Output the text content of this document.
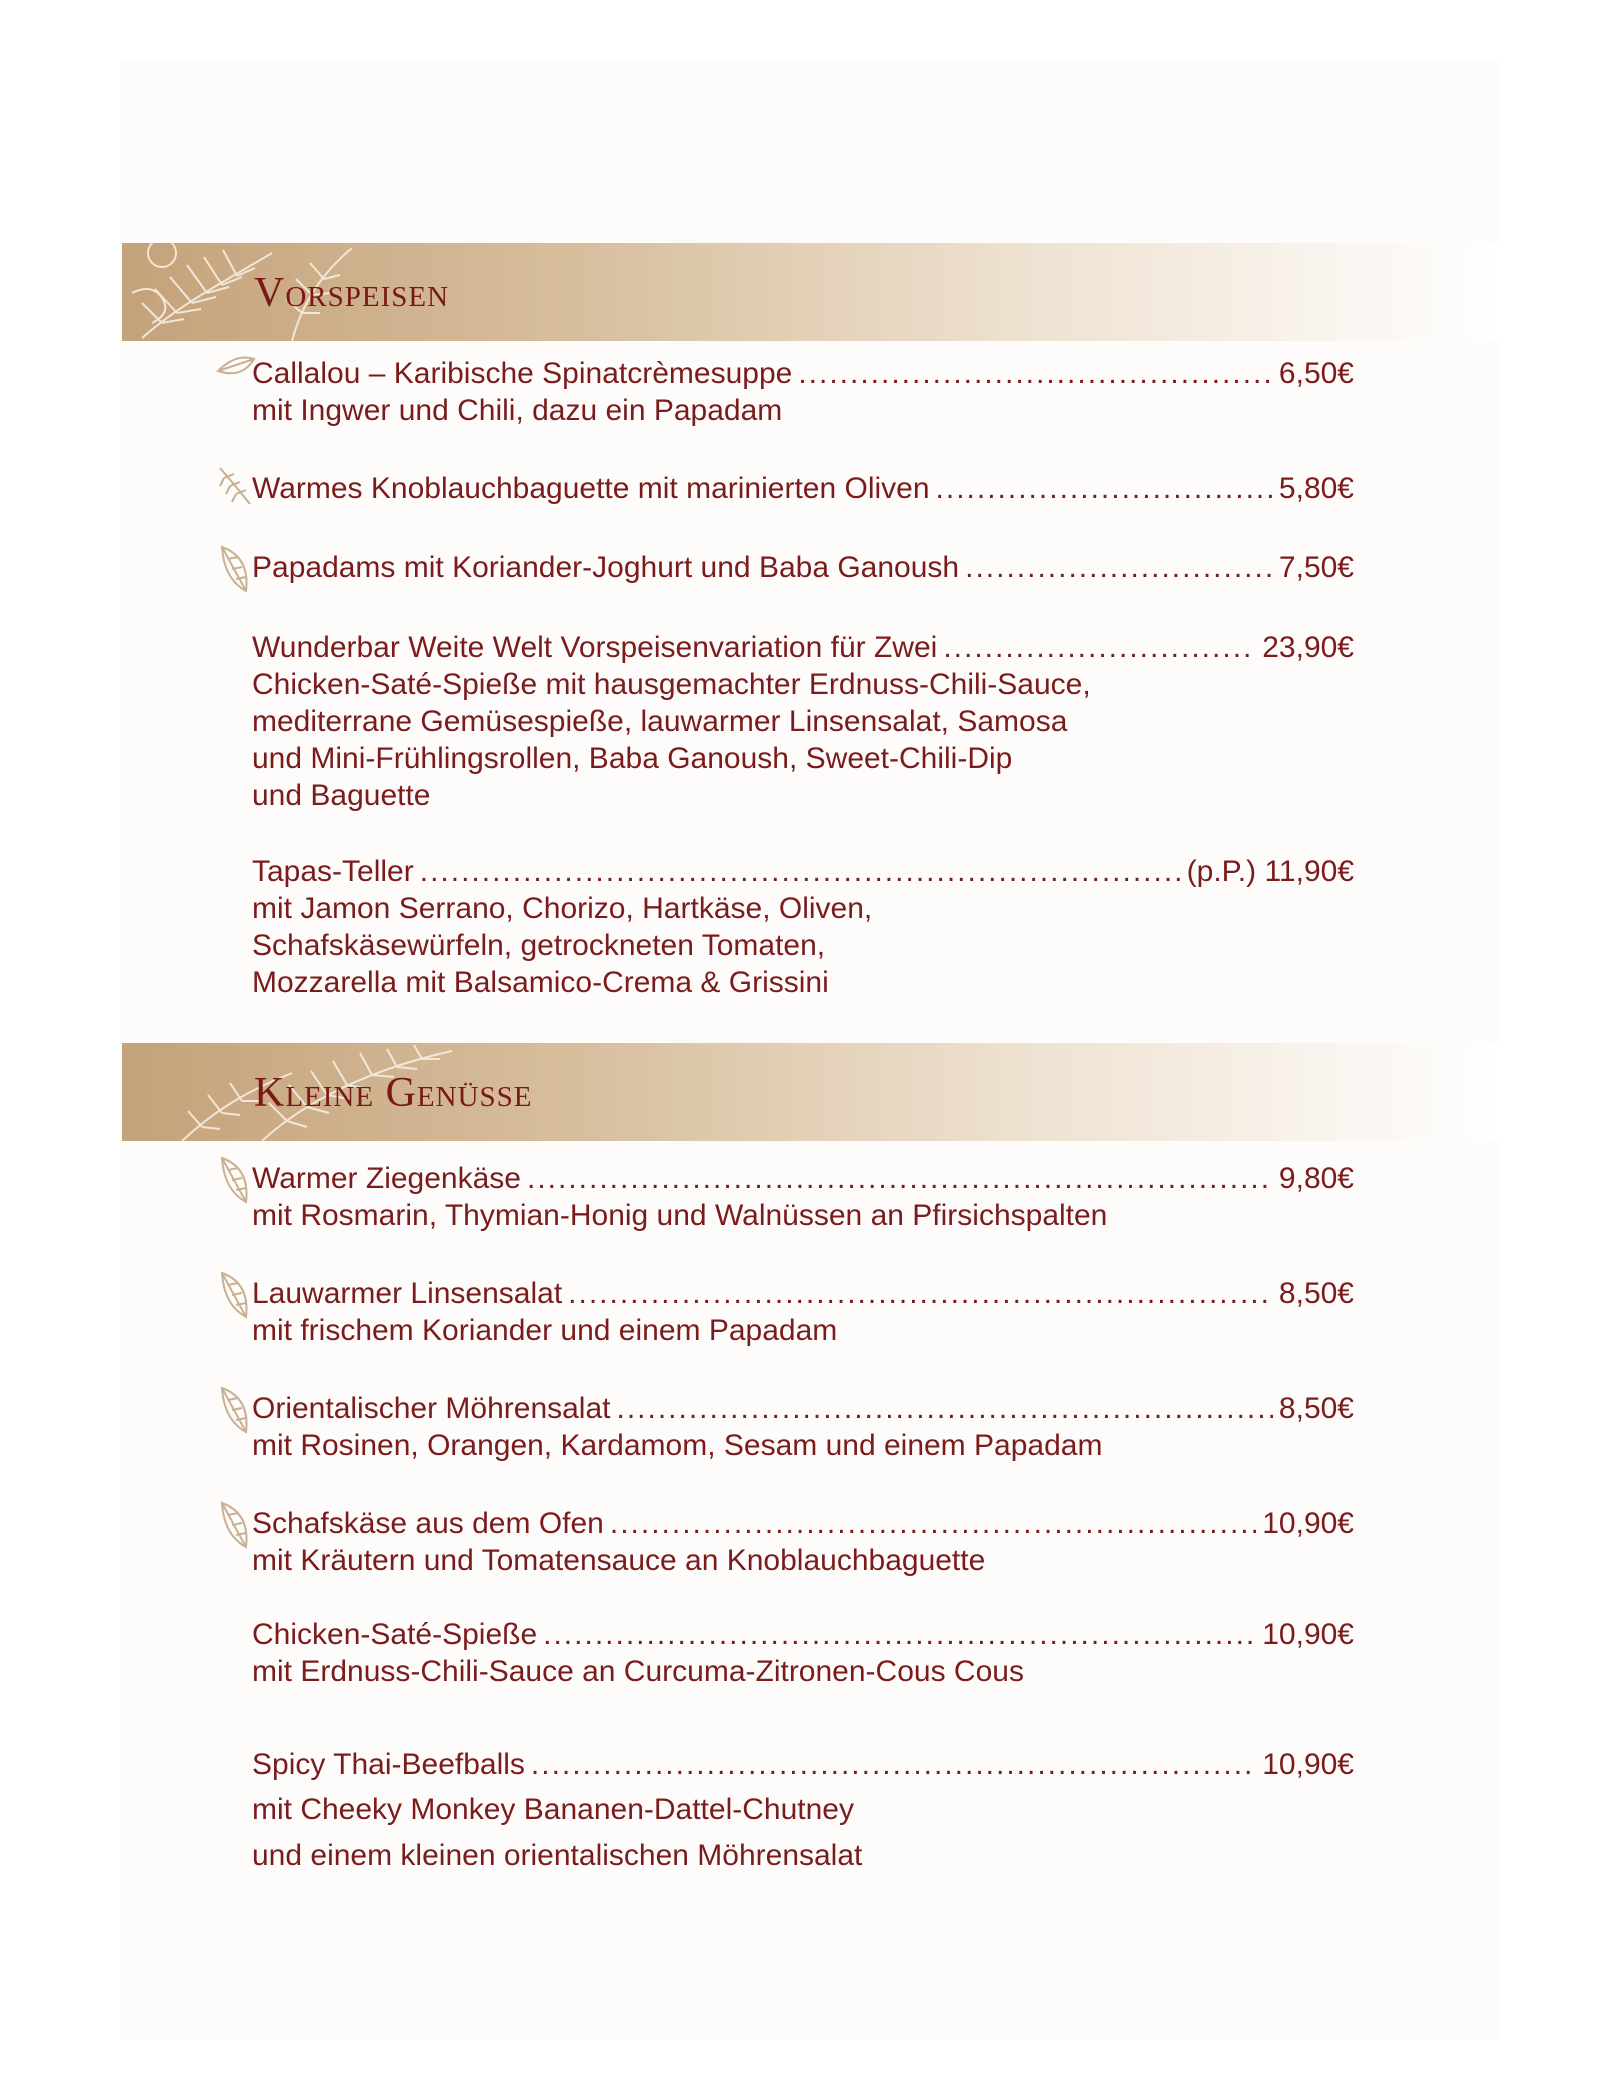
Vorspeisen
Callalou – Karibische Spinatcrèmesuppe .....	6,50€
mit Ingwer und Chili, dazu ein Papadam
Warmes Knoblauchbaguette mit marinierten Oliven .....	5,80€
Papadams mit Koriander-Joghurt und Baba Ganoush .....	7,50€
Wunderbar Weite Welt Vorspeisenvariation für Zwei .....	23,90€
Chicken-Saté-Spieße mit hausgemachter Erdnuss-Chili-Sauce,
mediterrane Gemüsespieße, lauwarmer Linsensalat, Samosa
und Mini-Frühlingsrollen, Baba Ganoush, Sweet-Chili-Dip
und Baguette
Tapas-Teller .....	(p.P.) 11,90€
mit Jamon Serrano, Chorizo, Hartkäse, Oliven,
Schafskäsewürfeln, getrockneten Tomaten,
Mozzarella mit Balsamico-Crema & Grissini
Kleine Genüsse
Warmer Ziegenkäse .....	9,80€
mit Rosmarin, Thymian-Honig und Walnüssen an Pfirsichspalten
Lauwarmer Linsensalat .....	8,50€
mit frischem Koriander und einem Papadam
Orientalischer Möhrensalat .....	8,50€
mit Rosinen, Orangen, Kardamom, Sesam und einem Papadam
Schafskäse aus dem Ofen .....	10,90€
mit Kräutern und Tomatensauce an Knoblauchbaguette
Chicken-Saté-Spieße .....	10,90€
mit Erdnuss-Chili-Sauce an Curcuma-Zitronen-Cous Cous
Spicy Thai-Beefballs .....	10,90€
mit Cheeky Monkey Bananen-Dattel-Chutney
und einem kleinen orientalischen Möhrensalat
